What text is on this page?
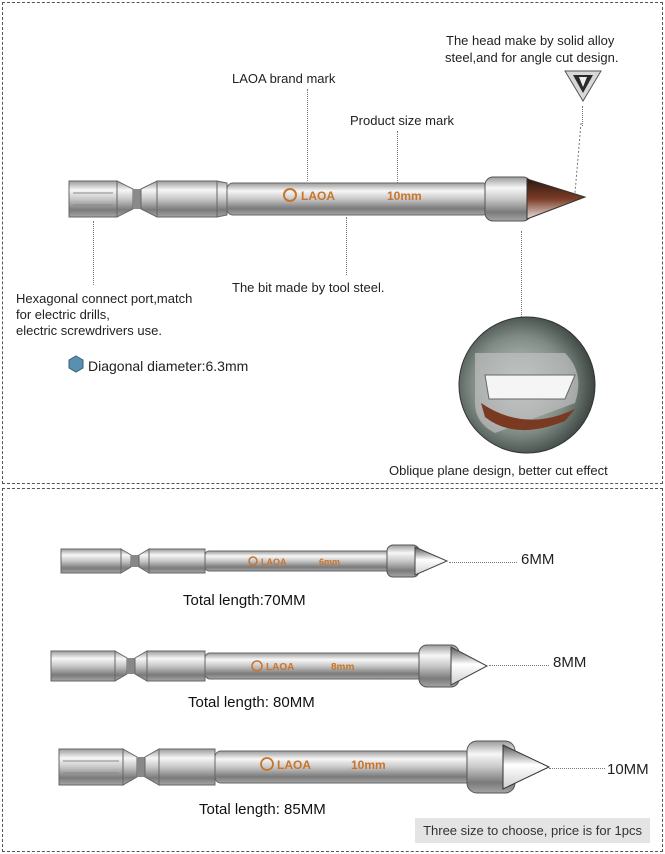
The head make by solid alloy
steel,and for angle cut design.
LAOA brand mark
Product size mark
LAOA	10mm
The bit made by tool steel.
Hexagonal connect port,match
for electric drills,
electric screwdrivers use.
Diagonal diameter:6.3mm
Oblique plane design, better cut effect
LAOA	6mm	6MM
Total length:70MM
LAOA	8mm	8MM
Total length: 80MM
LAOA	10mm	10MM
Total length: 85MM
Three size to choose, price is for 1pcs
